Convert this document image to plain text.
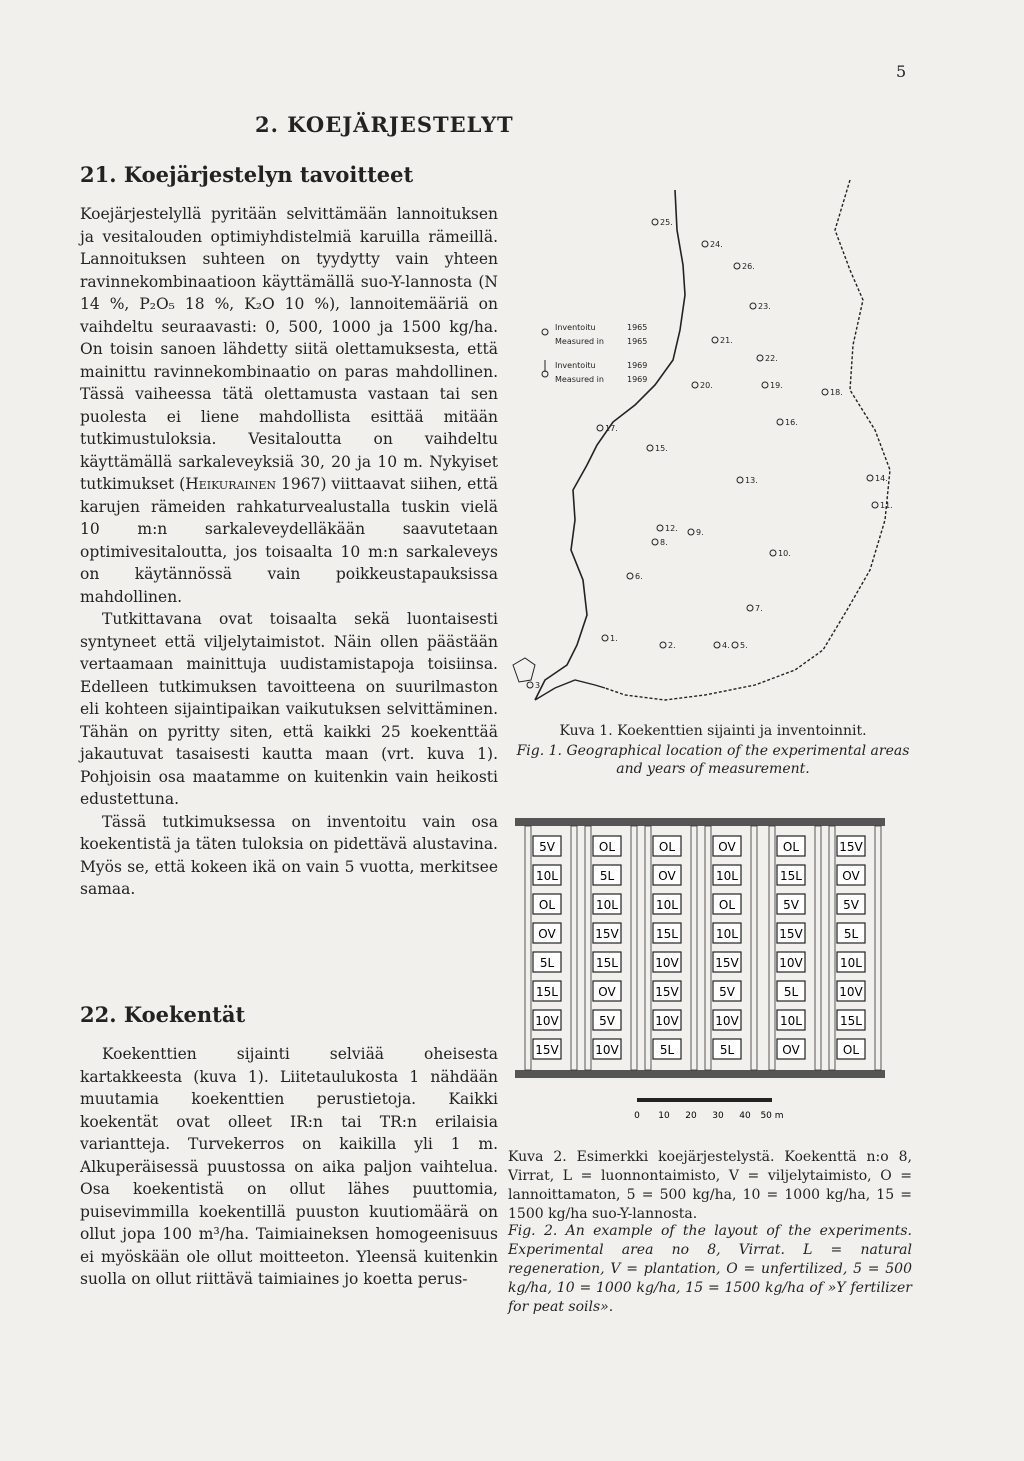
5
2. KOEJÄRJESTELYT
21. Koejärjestelyn tavoitteet

Koejärjestelyllä pyritään selvittämään lannoituksen ja vesitalouden optimiyhdistelmiä karuilla rämeillä. Lannoituksen suhteen on tyydytty vain yhteen ravinnekombinaatioon käyttämällä suo-Y-lannosta (N 14 %, P₂O₅ 18 %, K₂O 10 %), lannoitemääriä on vaihdeltu seuraavasti: 0, 500, 1000 ja 1500 kg/ha. On toisin sanoen lähdetty siitä olettamuksesta, että mainittu ravinnekombinaatio on paras mahdollinen. Tässä vaiheessa tätä olettamusta vastaan tai sen puolesta ei liene mahdollista esittää mitään tutkimustuloksia. Vesitaloutta on vaihdeltu käyttämällä sarkaleveyksiä 30, 20 ja 10 m. Nykyiset tutkimukset (Heikurainen 1967) viittaavat siihen, että karujen rämeiden rahkaturvealustalla tuskin vielä 10 m:n sarkaleveydelläkään saavutetaan optimivesitaloutta, jos toisaalta 10 m:n sarkaleveys on käytännössä vain poikkeustapauksissa mahdollinen.

Tutkittavana ovat toisaalta sekä luontaisesti syntyneet että viljelytaimistot. Näin ollen päästään vertaamaan mainittuja uudistamistapoja toisiinsa. Edelleen tutkimuksen tavoitteena on suurilmaston eli kohteen sijaintipaikan vaikutuksen selvittäminen. Tähän on pyritty siten, että kaikki 25 koekenttää jakautuvat tasaisesti kautta maan (vrt. kuva 1). Pohjoisin osa maatamme on kuitenkin vain heikosti edustettuna.

Tässä tutkimuksessa on inventoitu vain osa koekentistä ja täten tuloksia on pidettävä alustavina. Myös se, että kokeen ikä on vain 5 vuotta, merkitsee samaa.

22. Koekentät

Koekenttien sijainti selviää oheisesta kartakkeesta (kuva 1). Liitetaulukosta 1 nähdään muutamia koekenttien perustietoja. Kaikki koekentät ovat olleet IR:n tai TR:n erilaisia variantteja. Turvekerros on kaikilla yli 1 m. Alkuperäisessä puustossa on aika paljon vaihtelua. Osa koekentistä on ollut lähes puuttomia, puisevimmilla koekentillä puuston kuutiomäärä on ollut jopa 100 m³/ha. Taimiaineksen homogeenisuus ei myöskään ole ollut moitteeton. Yleensä kuitenkin suolla on ollut riittävä taimiaines jo koetta perus-

Inventoitu	1965
Measured in	1965
Inventoitu	1969
Measured in	1969
25.
24.
26.
23.
21.
22.
20.	19.
18.
17.
16.
15.
14.
13.
11.
12. 9.
8.
10.
6.
7.
5.
4.
2.
1.
3.
Kuva 1. Koekenttien sijainti ja inventoinnit.
Fig. 1. Geographical location of the experimental areas and years of measurement.
5V
10L
OL
OV
5L
15L
10V
15V
OL
5L
10L
15V
15L
OV
5V
10V
OL
OV
10L
15L
10V
15V
10V
5L
OV
10L
OL
10L
15V
5V
10V
5L
OL
15L
5V
15V
10V
5L
10L
OV
15V
OV
5V
5L
10L
10V
15L
OL
0 10 20 30 40 50 m
Kuva 2. Esimerkki koejärjestelystä. Koekenttä n:o 8, Virrat, L = luonnontaimisto, V = viljelytaimisto, O = lannoittamaton, 5 = 500 kg/ha, 10 = 1000 kg/ha, 15 = 1500 kg/ha suo-Y-lannosta.
Fig. 2. An example of the layout of the experiments. Experimental area no 8, Virrat. L = natural regeneration, V = plantation, O = unfertilized, 5 = 500 kg/ha, 10 = 1000 kg/ha, 15 = 1500 kg/ha of »Y fertilizer for peat soils».
